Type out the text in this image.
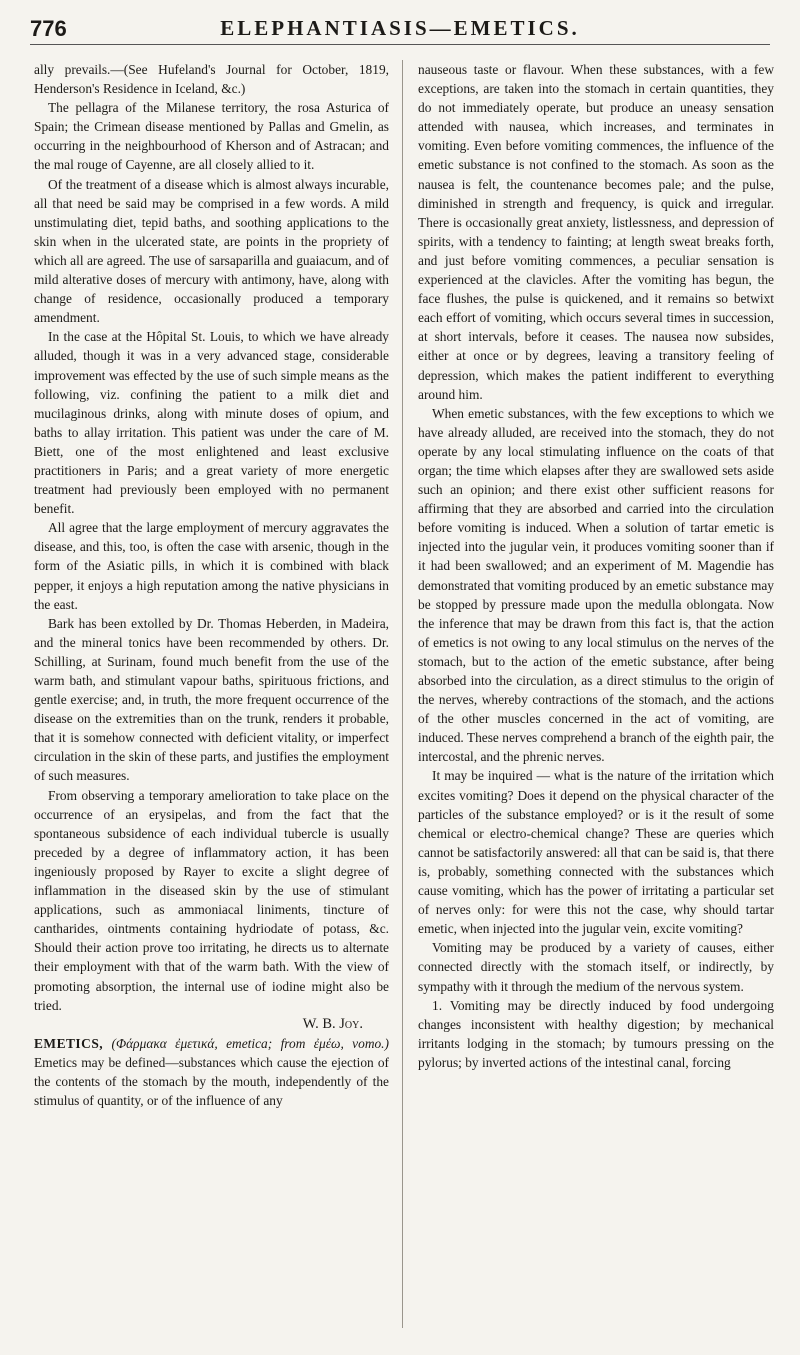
776	ELEPHANTIASIS—EMETICS.

ally prevails.—(See Hufeland's Journal for October, 1819, Henderson's Residence in Iceland, &c.)

The pellagra of the Milanese territory, the rosa Asturica of Spain; the Crimean disease mentioned by Pallas and Gmelin, as occurring in the neighbourhood of Kherson and of Astracan; and the mal rouge of Cayenne, are all closely allied to it.

Of the treatment of a disease which is almost always incurable, all that need be said may be comprised in a few words. A mild unstimulating diet, tepid baths, and soothing applications to the skin when in the ulcerated state, are points in the propriety of which all are agreed. The use of sarsaparilla and guaiacum, and of mild alterative doses of mercury with antimony, have, along with change of residence, occasionally produced a temporary amendment.

In the case at the Hôpital St. Louis, to which we have already alluded, though it was in a very advanced stage, considerable improvement was effected by the use of such simple means as the following, viz. confining the patient to a milk diet and mucilaginous drinks, along with minute doses of opium, and baths to allay irritation. This patient was under the care of M. Biett, one of the most enlightened and least exclusive practitioners in Paris; and a great variety of more energetic treatment had previously been employed with no permanent benefit.

All agree that the large employment of mercury aggravates the disease, and this, too, is often the case with arsenic, though in the form of the Asiatic pills, in which it is combined with black pepper, it enjoys a high reputation among the native physicians in the east.

Bark has been extolled by Dr. Thomas Heberden, in Madeira, and the mineral tonics have been recommended by others. Dr. Schilling, at Surinam, found much benefit from the use of the warm bath, and stimulant vapour baths, spirituous frictions, and gentle exercise; and, in truth, the more frequent occurrence of the disease on the extremities than on the trunk, renders it probable, that it is somehow connected with deficient vitality, or imperfect circulation in the skin of these parts, and justifies the employment of such measures.

From observing a temporary amelioration to take place on the occurrence of an erysipelas, and from the fact that the spontaneous subsidence of each individual tubercle is usually preceded by a degree of inflammatory action, it has been ingeniously proposed by Rayer to excite a slight degree of inflammation in the diseased skin by the use of stimulant applications, such as ammoniacal liniments, tincture of cantharides, ointments containing hydriodate of potass, &c. Should their action prove too irritating, he directs us to alternate their employment with that of the warm bath. With the view of promoting absorption, the internal use of iodine might also be tried.

W. B. Joy.

EMETICS, (Φάρμακα ἐμετικά, emetica; from ἐμέω, vomo.) Emetics may be defined—substances which cause the ejection of the contents of the stomach by the mouth, independently of the stimulus of quantity, or of the influence of any

nauseous taste or flavour. When these substances, with a few exceptions, are taken into the stomach in certain quantities, they do not immediately operate, but produce an uneasy sensation attended with nausea, which increases, and terminates in vomiting. Even before vomiting commences, the influence of the emetic substance is not confined to the stomach. As soon as the nausea is felt, the countenance becomes pale; and the pulse, diminished in strength and frequency, is quick and irregular. There is occasionally great anxiety, listlessness, and depression of spirits, with a tendency to fainting; at length sweat breaks forth, and just before vomiting commences, a peculiar sensation is experienced at the clavicles. After the vomiting has begun, the face flushes, the pulse is quickened, and it remains so betwixt each effort of vomiting, which occurs several times in succession, at short intervals, before it ceases. The nausea now subsides, either at once or by degrees, leaving a transitory feeling of depression, which makes the patient indifferent to everything around him.

When emetic substances, with the few exceptions to which we have already alluded, are received into the stomach, they do not operate by any local stimulating influence on the coats of that organ; the time which elapses after they are swallowed sets aside such an opinion; and there exist other sufficient reasons for affirming that they are absorbed and carried into the circulation before vomiting is induced. When a solution of tartar emetic is injected into the jugular vein, it produces vomiting sooner than if it had been swallowed; and an experiment of M. Magendie has demonstrated that vomiting produced by an emetic substance may be stopped by pressure made upon the medulla oblongata. Now the inference that may be drawn from this fact is, that the action of emetics is not owing to any local stimulus on the nerves of the stomach, but to the action of the emetic substance, after being absorbed into the circulation, as a direct stimulus to the origin of the nerves, whereby contractions of the stomach, and the actions of the other muscles concerned in the act of vomiting, are induced. These nerves comprehend a branch of the eighth pair, the intercostal, and the phrenic nerves.

It may be inquired — what is the nature of the irritation which excites vomiting? Does it depend on the physical character of the particles of the substance employed? or is it the result of some chemical or electro-chemical change? These are queries which cannot be satisfactorily answered: all that can be said is, that there is, probably, something connected with the substances which cause vomiting, which has the power of irritating a particular set of nerves only: for were this not the case, why should tartar emetic, when injected into the jugular vein, excite vomiting?

Vomiting may be produced by a variety of causes, either connected directly with the stomach itself, or indirectly, by sympathy with it through the medium of the nervous system.

1. Vomiting may be directly induced by food undergoing changes inconsistent with healthy digestion; by mechanical irritants lodging in the stomach; by tumours pressing on the pylorus; by inverted actions of the intestinal canal, forcing
